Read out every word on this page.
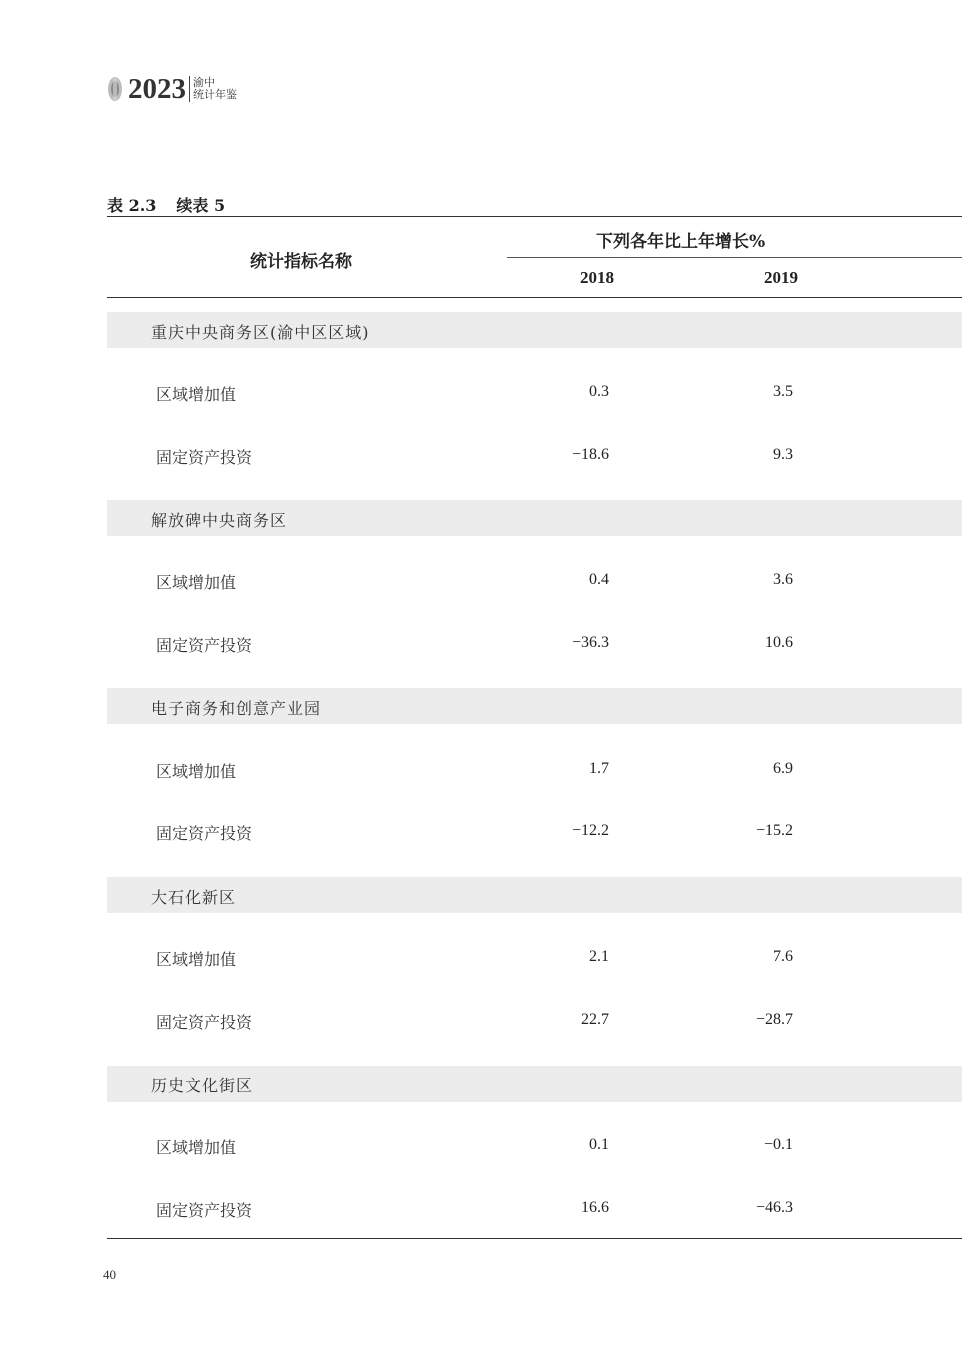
2023 渝中
统计年鉴
表 2.3 续表 5
统计指标名称
下列各年比上年增长%
2018	2019
重庆中央商务区(渝中区区域)
区域增加值	0.3	3.5
固定资产投资	−18.6	9.3
解放碑中央商务区
区域增加值	0.4	3.6
固定资产投资	−36.3	10.6
电子商务和创意产业园
区域增加值	1.7	6.9
固定资产投资	−12.2	−15.2
大石化新区
区域增加值	2.1	7.6
固定资产投资	22.7	−28.7
历史文化街区
区域增加值	0.1	−0.1
固定资产投资	16.6	−46.3
40
